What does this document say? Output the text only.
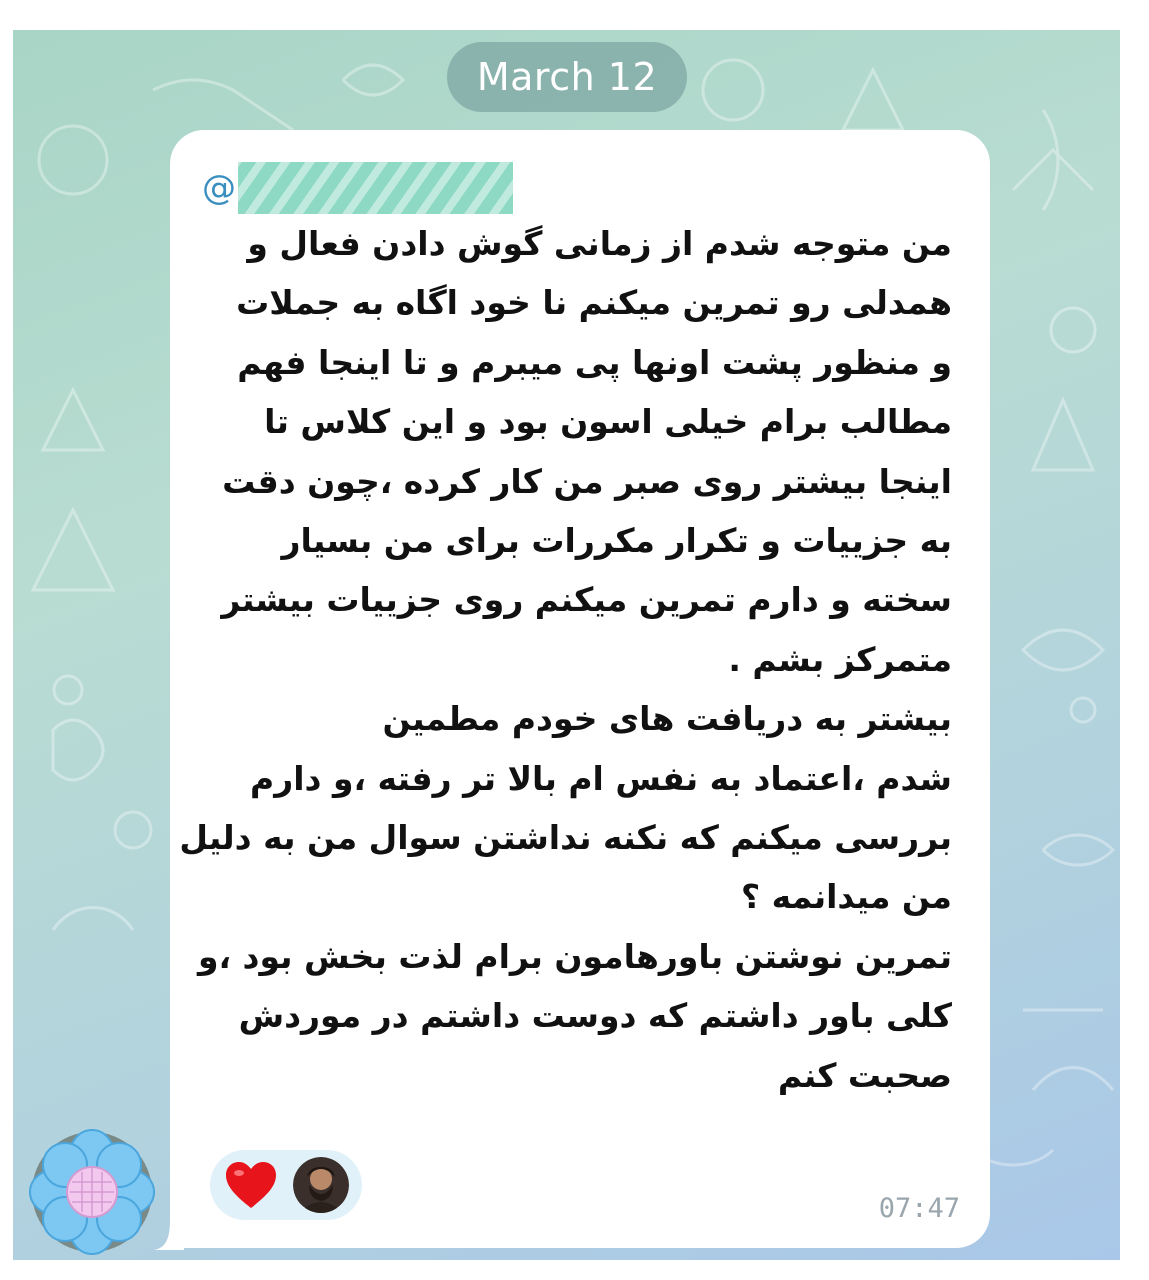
March 12
@
من متوجه شدم از زمانی گوش دادن فعال و
همدلی رو تمرین میکنم نا خود اگاه به جملات
و منظور پشت اونها پی میبرم و تا اینجا فهم
مطالب برام خیلی اسون بود و این کلاس تا
اینجا بیشتر روی صبر من کار کرده ،چون دقت
به جزییات و تکرار مکررات برای من بسیار
سخته و دارم تمرین میکنم روی جزییات بیشتر
متمرکز بشم .
بیشتر به دریافت های خودم مطمین
شدم ،اعتماد به نفس ام بالا تر رفته ،و دارم
بررسی میکنم که نکنه نداشتن سوال من به دلیل
من میدانمه ؟
تمرین نوشتن باورهامون برام لذت بخش بود ،و
کلی باور داشتم که دوست داشتم در موردش
صحبت کنم
07:47
